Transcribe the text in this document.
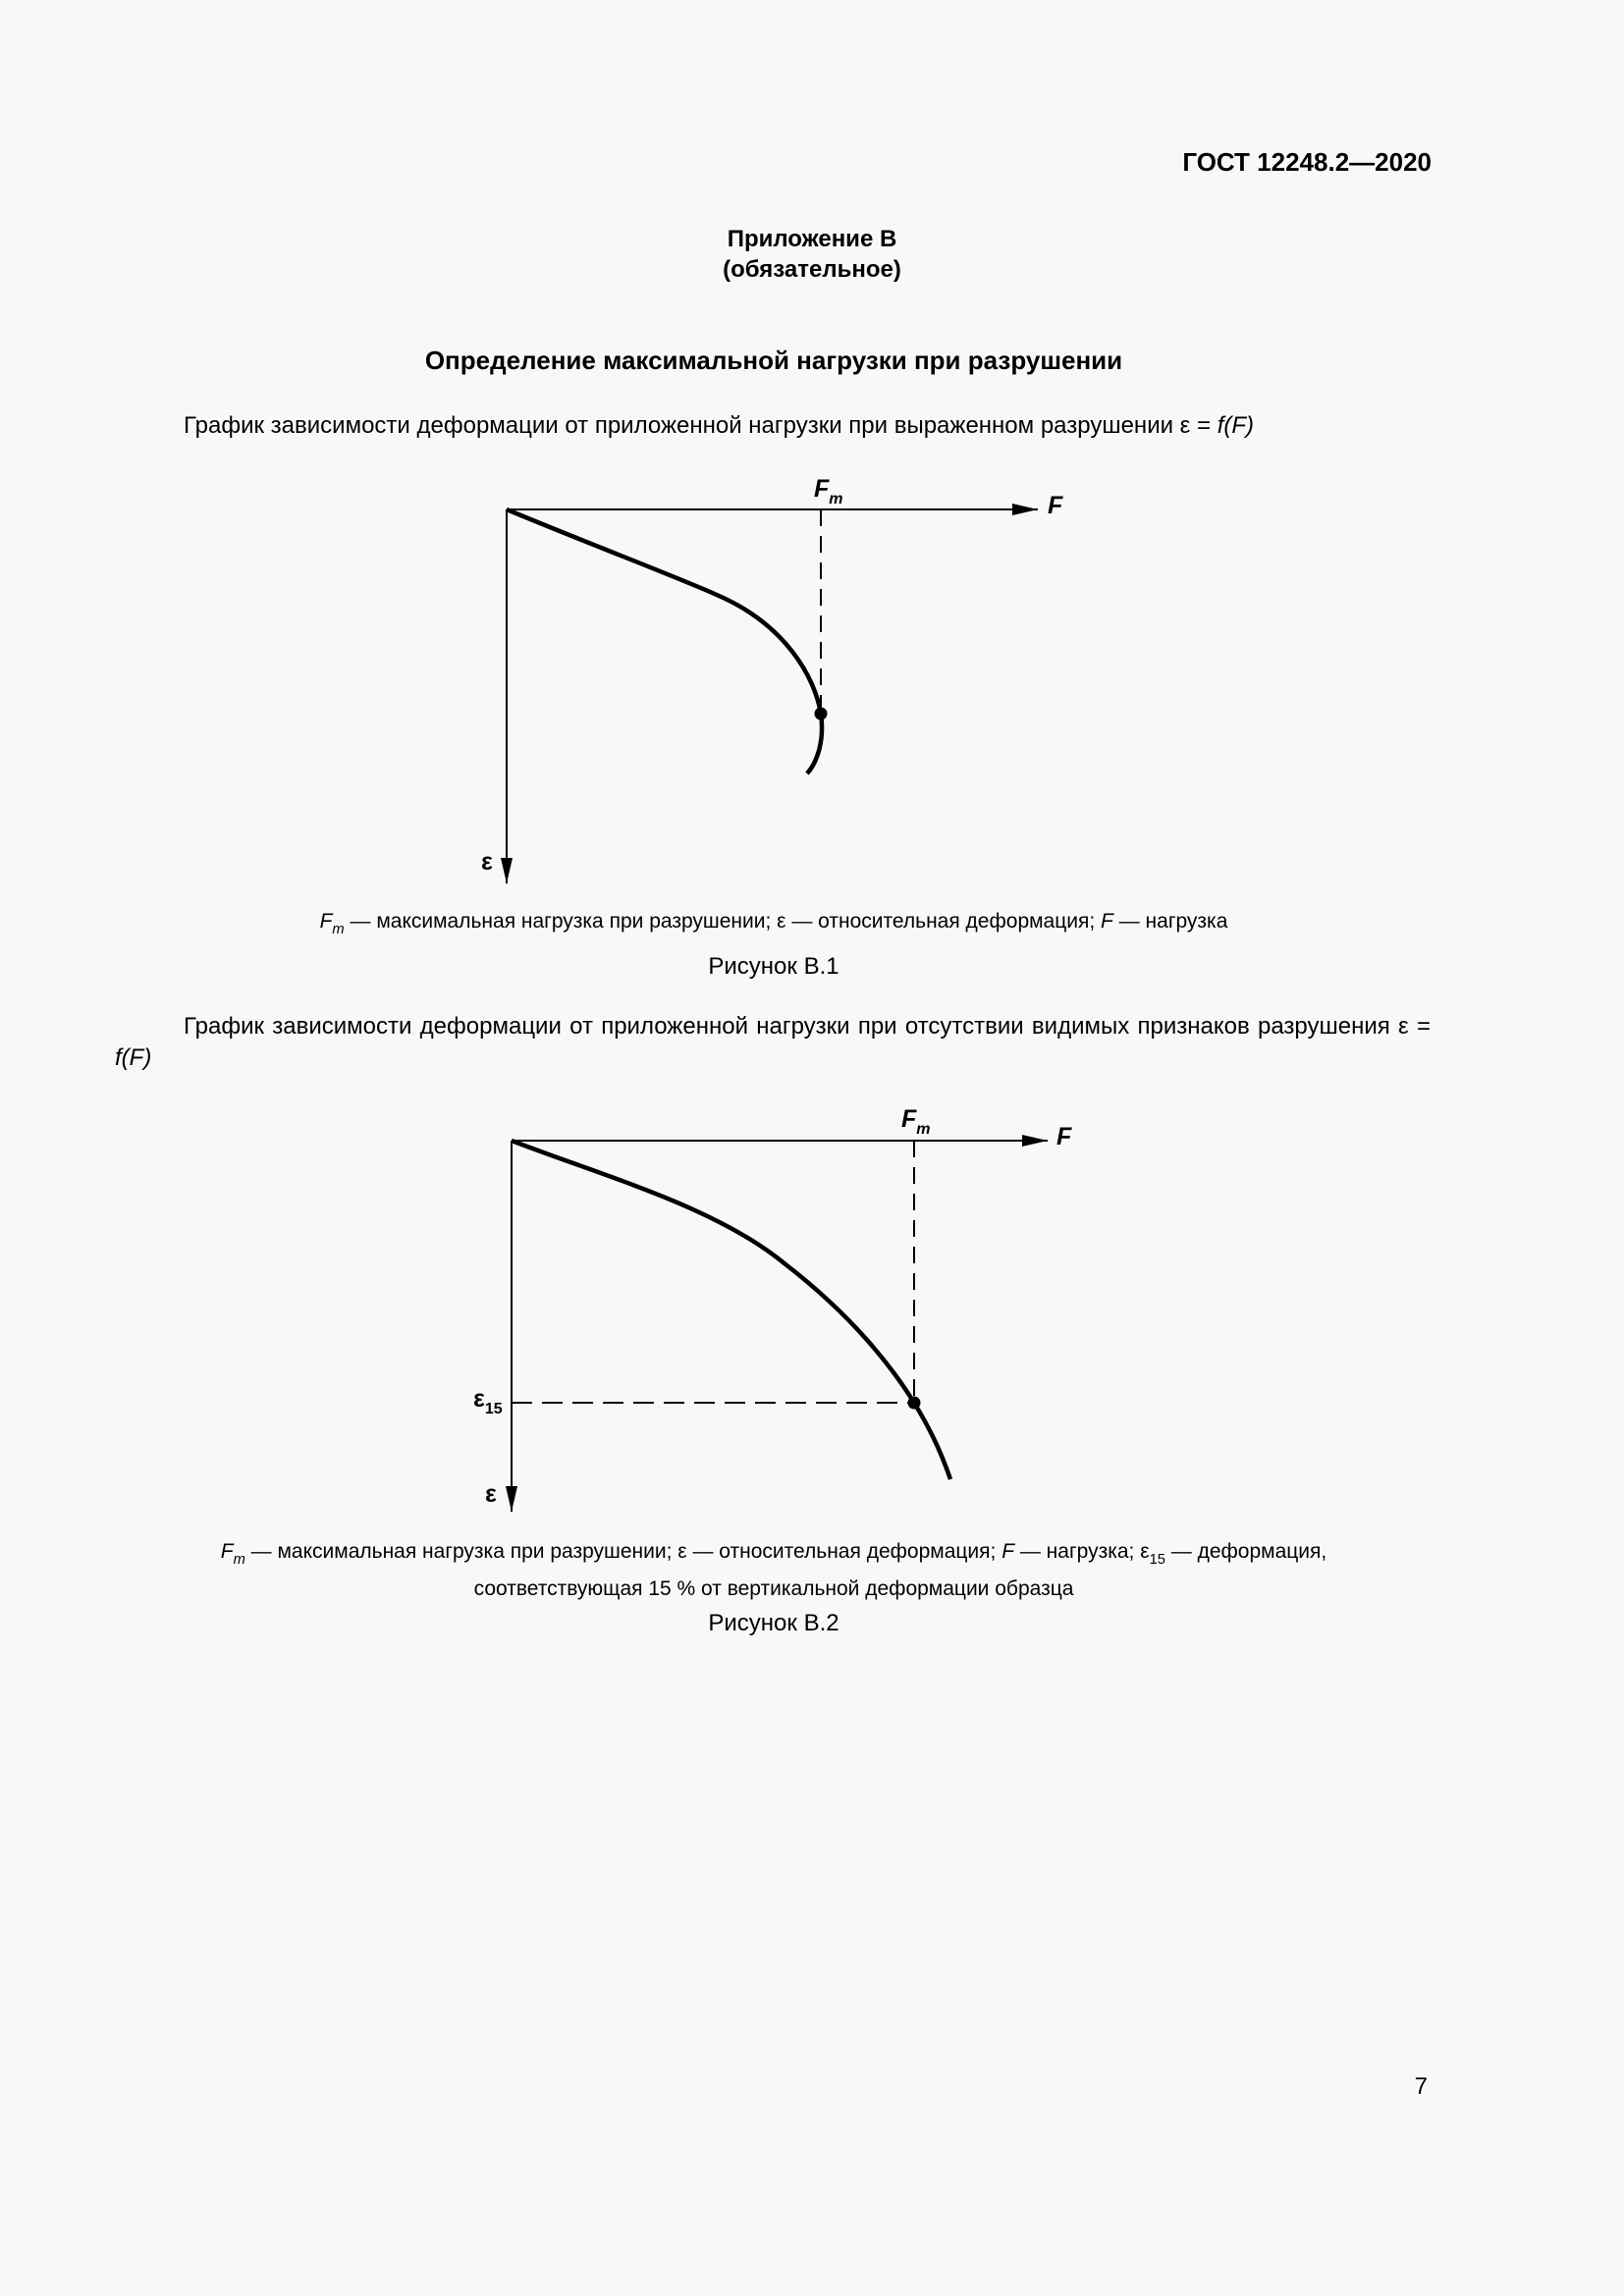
ГОСТ 12248.2—2020
Приложение В
(обязательное)
Определение максимальной нагрузки при разрушении
График зависимости деформации от приложенной нагрузки при выраженном разрушении ε = f(F)
$F_m$	F
ε
$F_m$ — максимальная нагрузка при разрушении; ε — относительная деформация; F — нагрузка
Рисунок В.1
График зависимости деформации от приложенной нагрузки при отсутствии видимых признаков разрушения ε = f(F)
$F_m$	F
$\varepsilon_{15}$
ε
$F_m$ — максимальная нагрузка при разрушении; ε — относительная деформация; F — нагрузка; $\varepsilon_{15}$ — деформация,
соответствующая 15 % от вертикальной деформации образца
Рисунок В.2
7
